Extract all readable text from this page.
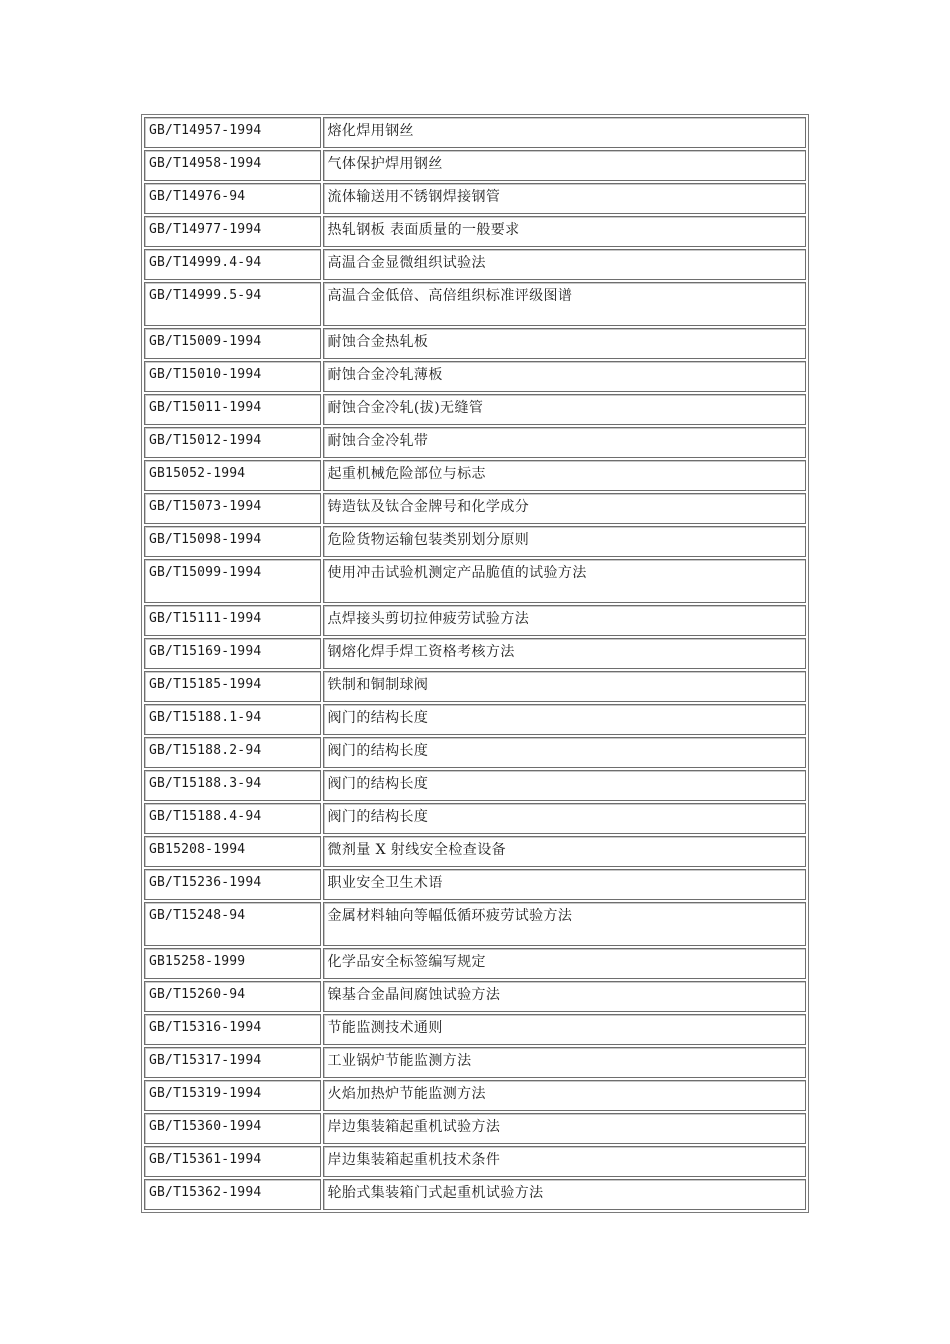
GB/T14957-1994	熔化焊用钢丝
GB/T14958-1994	气体保护焊用钢丝
GB/T14976-94	流体输送用不锈钢焊接钢管
GB/T14977-1994	热轧钢板 表面质量的一般要求
GB/T14999.4-94	高温合金显微组织试验法
GB/T14999.5-94	高温合金低倍、高倍组织标准评级图谱
GB/T15009-1994	耐蚀合金热轧板
GB/T15010-1994	耐蚀合金冷轧薄板
GB/T15011-1994	耐蚀合金冷轧(拔)无缝管
GB/T15012-1994	耐蚀合金冷轧带
GB15052-1994	起重机械危险部位与标志
GB/T15073-1994	铸造钛及钛合金牌号和化学成分
GB/T15098-1994	危险货物运输包装类别划分原则
GB/T15099-1994	使用冲击试验机测定产品脆值的试验方法
GB/T15111-1994	点焊接头剪切拉伸疲劳试验方法
GB/T15169-1994	钢熔化焊手焊工资格考核方法
GB/T15185-1994	铁制和铜制球阀
GB/T15188.1-94	阀门的结构长度
GB/T15188.2-94	阀门的结构长度
GB/T15188.3-94	阀门的结构长度
GB/T15188.4-94	阀门的结构长度
GB15208-1994	微剂量 X 射线安全检查设备
GB/T15236-1994	职业安全卫生术语
GB/T15248-94	金属材料轴向等幅低循环疲劳试验方法
GB15258-1999	化学品安全标签编写规定
GB/T15260-94	镍基合金晶间腐蚀试验方法
GB/T15316-1994	节能监测技术通则
GB/T15317-1994	工业锅炉节能监测方法
GB/T15319-1994	火焰加热炉节能监测方法
GB/T15360-1994	岸边集装箱起重机试验方法
GB/T15361-1994	岸边集装箱起重机技术条件
GB/T15362-1994	轮胎式集装箱门式起重机试验方法
